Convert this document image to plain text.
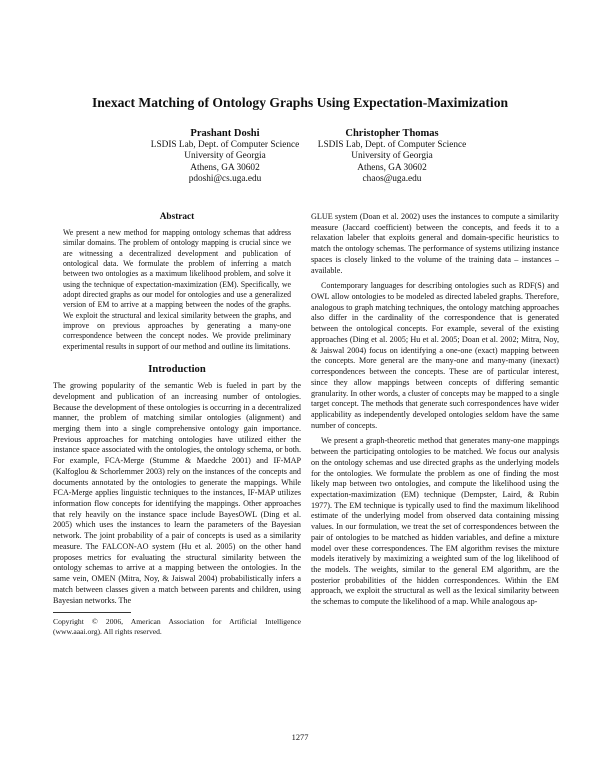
Inexact Matching of Ontology Graphs Using Expectation-Maximization
Prashant Doshi
LSDIS Lab, Dept. of Computer Science
University of Georgia
Athens, GA 30602
pdoshi@cs.uga.edu
Christopher Thomas
LSDIS Lab, Dept. of Computer Science
University of Georgia
Athens, GA 30602
chaos@uga.edu
Abstract

We present a new method for mapping ontology schemas that address similar domains. The problem of ontology mapping is crucial since we are witnessing a decentralized development and publication of ontological data. We formulate the problem of inferring a match between two ontologies as a maximum likelihood problem, and solve it using the technique of expectation-maximization (EM). Specifically, we adopt directed graphs as our model for ontologies and use a generalized version of EM to arrive at a mapping between the nodes of the graphs. We exploit the structural and lexical similarity between the graphs, and improve on previous approaches by generating a many-one correspondence between the concept nodes. We provide preliminary experimental results in support of our method and outline its limitations.

Introduction

The growing popularity of the semantic Web is fueled in part by the development and publication of an increasing number of ontologies. Because the development of these ontologies is occurring in a decentralized manner, the problem of matching similar ontologies (alignment) and merging them into a single comprehensive ontology gain importance. Previous approaches for matching ontologies have utilized either the instance space associated with the ontologies, the ontology schema, or both. For example, FCA-Merge (Stumme & Maedche 2001) and IF-MAP (Kalfoglou & Schorlemmer 2003) rely on the instances of the concepts and documents annotated by the ontologies to generate the mappings. While FCA-Merge applies linguistic techniques to the instances, IF-MAP utilizes information flow concepts for identifying the mappings. Other approaches that rely heavily on the instance space include BayesOWL (Ding et al. 2005) which uses the instances to learn the parameters of the Bayesian network. The joint probability of a pair of concepts is used as a similarity measure. The FALCON-AO system (Hu et al. 2005) on the other hand proposes metrics for evaluating the structural similarity between the ontology schemas to arrive at a mapping between the ontologies. In the same vein, OMEN (Mitra, Noy, & Jaiswal 2004) probabilistically infers a match between classes given a match between parents and children, using Bayesian networks. The

Copyright © 2006, American Association for Artificial Intelligence (www.aaai.org). All rights reserved.

GLUE system (Doan et al. 2002) uses the instances to compute a similarity measure (Jaccard coefficient) between the concepts, and feeds it to a relaxation labeler that exploits general and domain-specific heuristics to match the ontology schemas. The performance of systems utilizing instance spaces is closely linked to the volume of the training data – instances – available.

Contemporary languages for describing ontologies such as RDF(S) and OWL allow ontologies to be modeled as directed labeled graphs. Therefore, analogous to graph matching techniques, the ontology matching approaches also differ in the cardinality of the correspondence that is generated between the ontological concepts. For example, several of the existing approaches (Ding et al. 2005; Hu et al. 2005; Doan et al. 2002; Mitra, Noy, & Jaiswal 2004) focus on identifying a one-one (exact) mapping between the concepts. More general are the many-one and many-many (inexact) correspondences between the concepts. These are of particular interest, since they allow mappings between concepts of differing semantic granularity. In other words, a cluster of concepts may be mapped to a single target concept. The methods that generate such correspondences have wider applicability as independently developed ontologies seldom have the same number of concepts.

We present a graph-theoretic method that generates many-one mappings between the participating ontologies to be matched. We focus our analysis on the ontology schemas and use directed graphs as the underlying models for the ontologies. We formulate the problem as one of finding the most likely map between two ontologies, and compute the likelihood using the expectation-maximization (EM) technique (Dempster, Laird, & Rubin 1977). The EM technique is typically used to find the maximum likelihood estimate of the underlying model from observed data containing missing values. In our formulation, we treat the set of correspondences between the pair of ontologies to be matched as hidden variables, and define a mixture model over these correspondences. The EM algorithm revises the mixture models iteratively by maximizing a weighted sum of the log likelihood of the models. The weights, similar to the general EM algorithm, are the posterior probabilities of the hidden correspondences. Within the EM approach, we exploit the structural as well as the lexical similarity between the schemas to compute the likelihood of a map. While analogous ap-

1277
